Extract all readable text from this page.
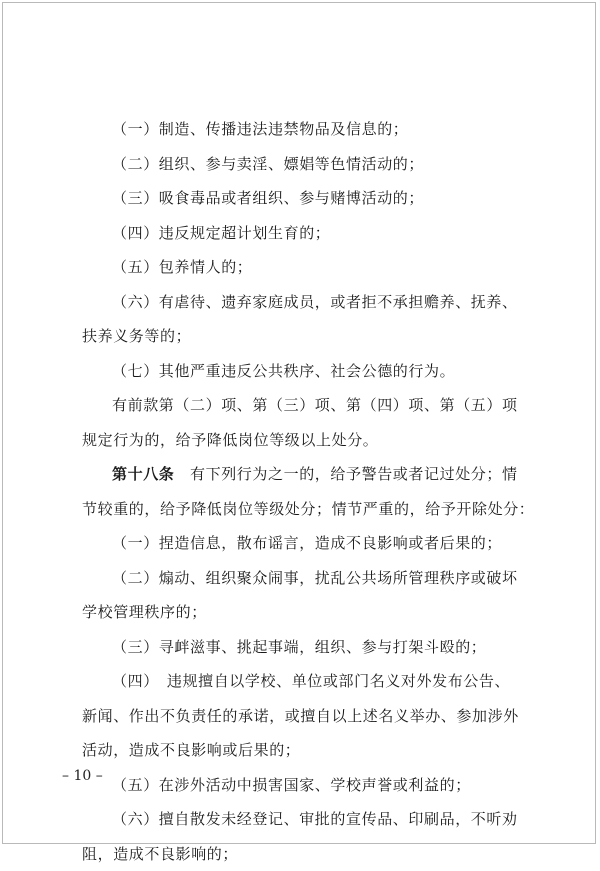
（一）制造、传播违法违禁物品及信息的；
（二）组织、参与卖淫、嫖娼等色情活动的；
（三）吸食毒品或者组织、参与赌博活动的；
（四）违反规定超计划生育的；
（五）包养情人的；
（六）有虐待、遗弃家庭成员，或者拒不承担赡养、抚养、
扶养义务等的；
（七）其他严重违反公共秩序、社会公德的行为。
有前款第（二）项、第（三）项、第（四）项、第（五）项
规定行为的，给予降低岗位等级以上处分。
第十八条　有下列行为之一的，给予警告或者记过处分；情
节较重的，给予降低岗位等级处分；情节严重的，给予开除处分：
（一）捏造信息，散布谣言，造成不良影响或者后果的；
（二）煽动、组织聚众闹事，扰乱公共场所管理秩序或破坏
学校管理秩序的；
（三）寻衅滋事、挑起事端，组织、参与打架斗殴的；
（四）　违规擅自以学校、单位或部门名义对外发布公告、
新闻、作出不负责任的承诺，或擅自以上述名义举办、参加涉外
活动，造成不良影响或后果的；
（五）在涉外活动中损害国家、学校声誉或利益的；
（六）擅自散发未经登记、审批的宣传品、印刷品，不听劝
阻，造成不良影响的；
– 10 –
